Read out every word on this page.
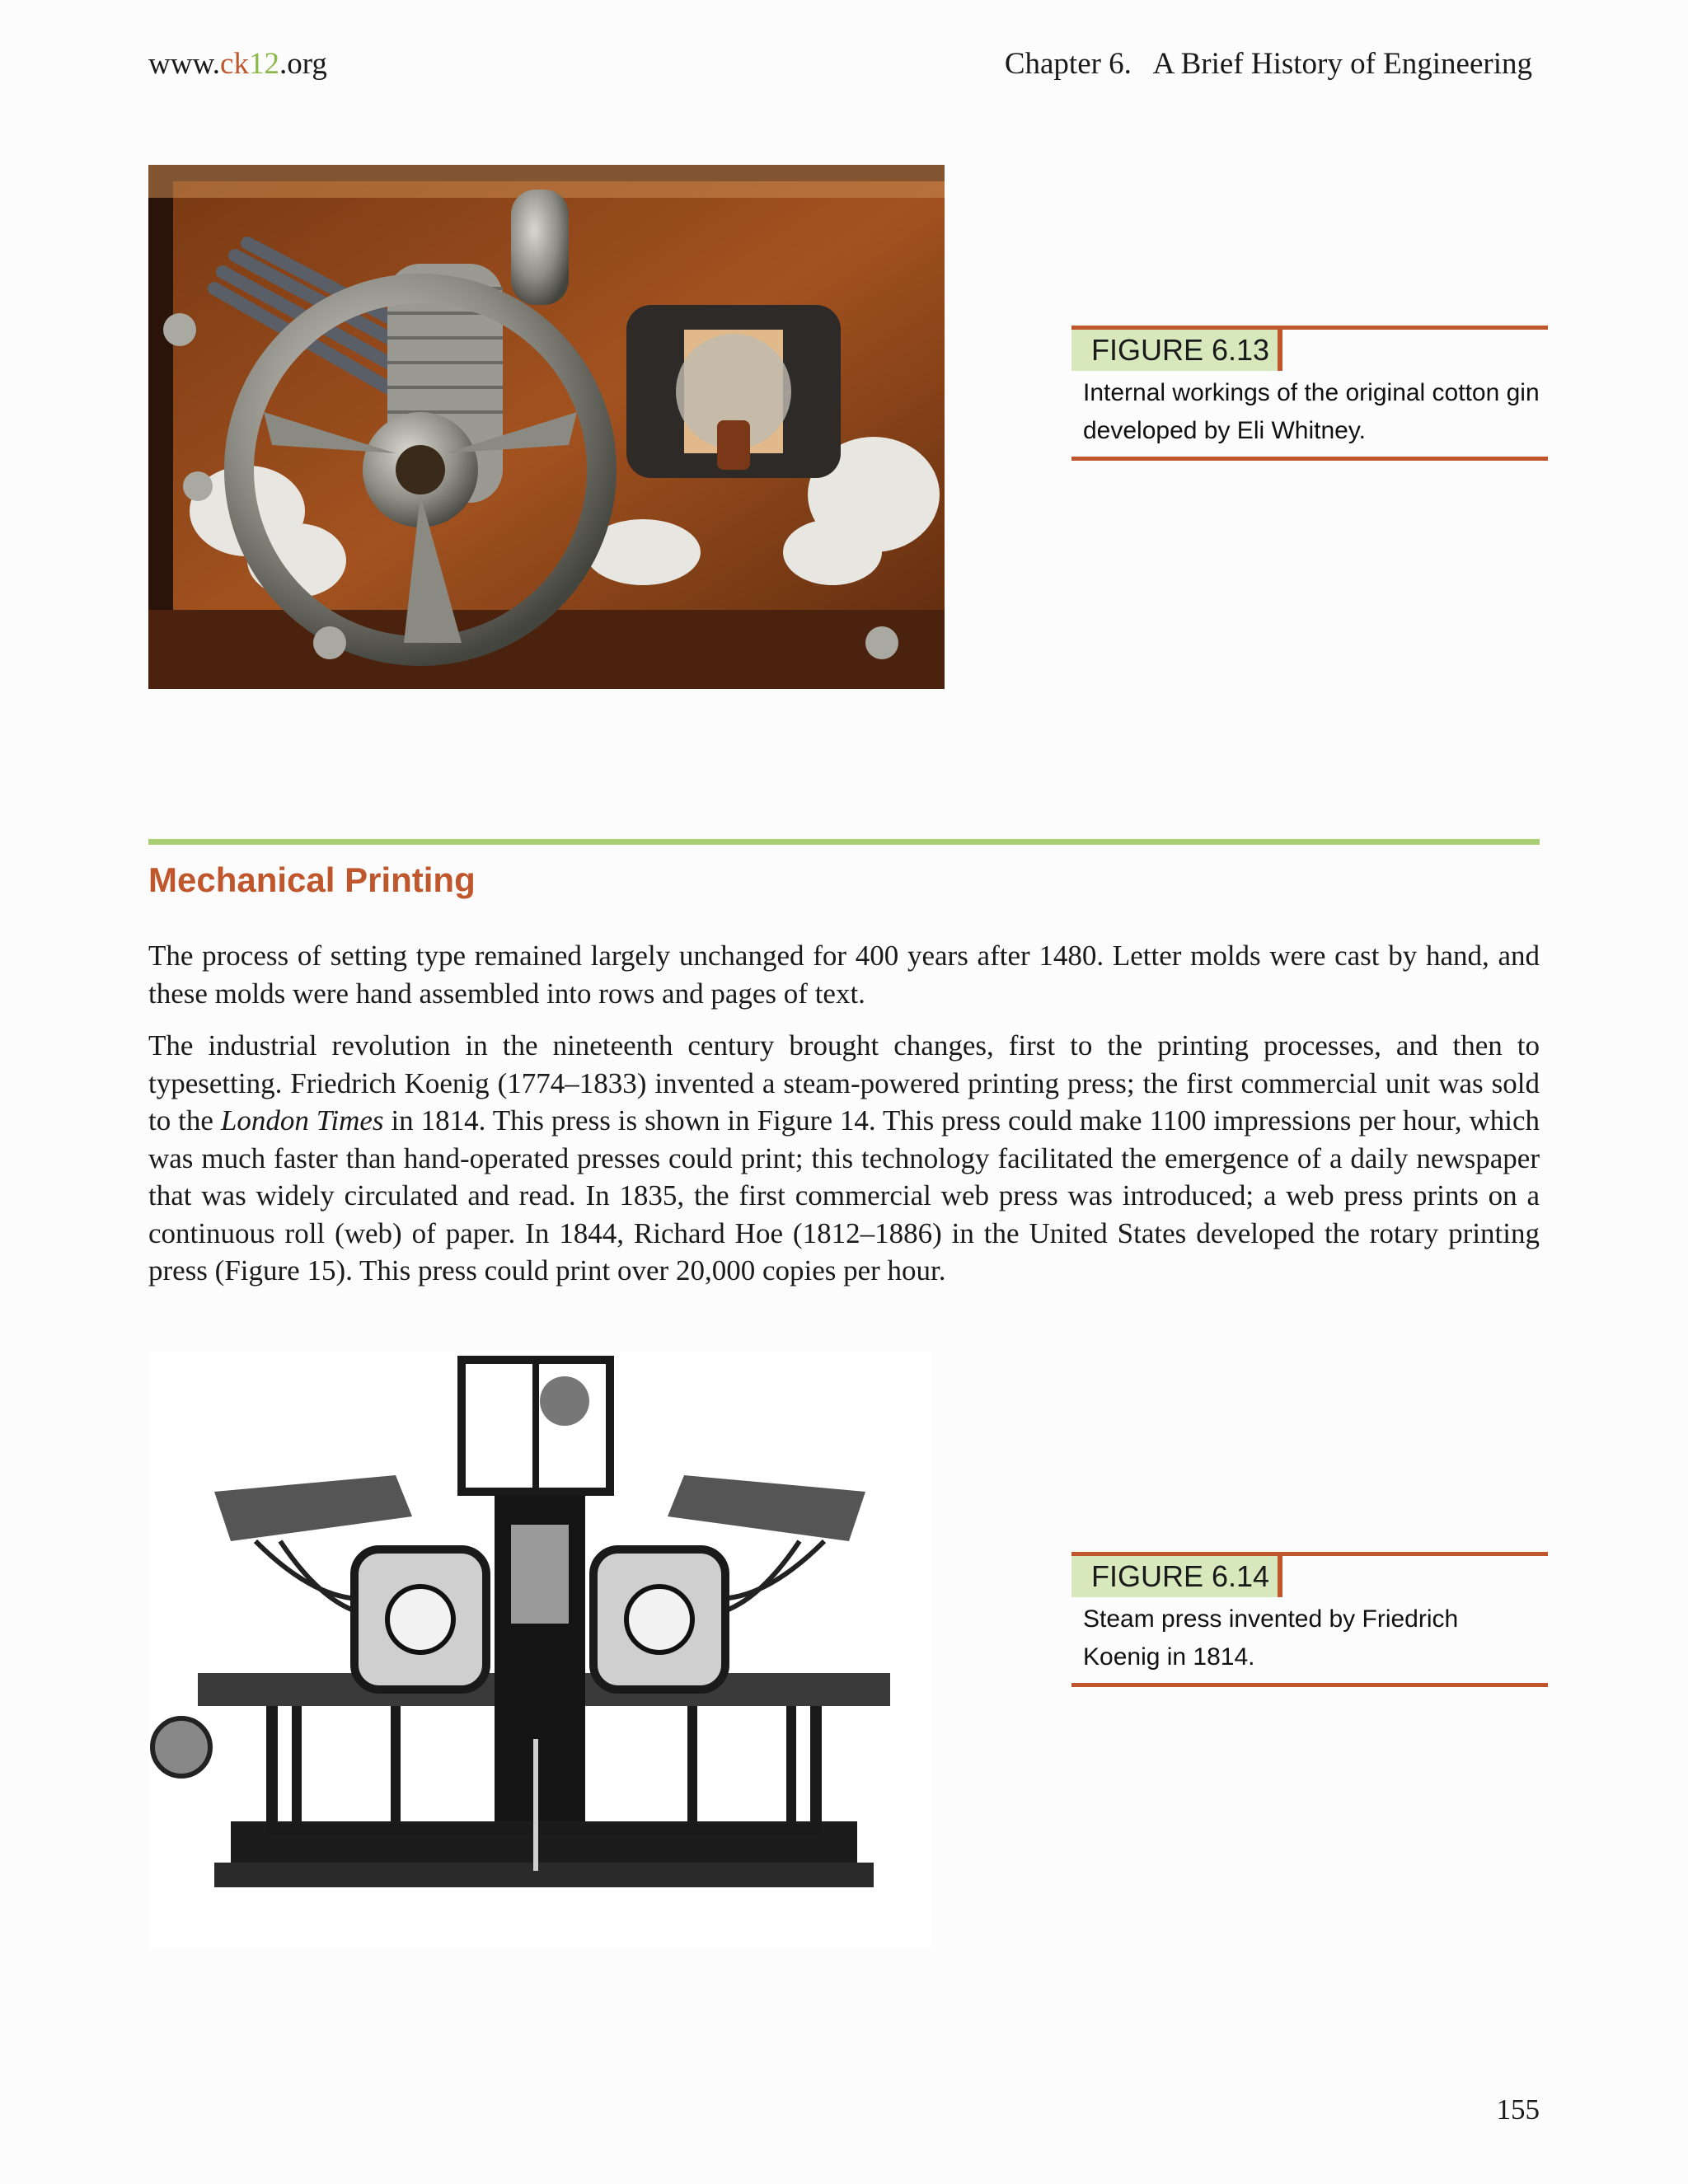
www.ck12.org	Chapter 6.   A Brief History of Engineering
FIGURE 6.13
Internal workings of the original cotton gin developed by Eli Whitney.
Mechanical Printing

The process of setting type remained largely unchanged for 400 years after 1480. Letter molds were cast by hand, and these molds were hand assembled into rows and pages of text.

The industrial revolution in the nineteenth century brought changes, first to the printing processes, and then to typesetting. Friedrich Koenig (1774–1833) invented a steam-powered printing press; the first commercial unit was sold to the London Times in 1814. This press is shown in Figure 14. This press could make 1100 impressions per hour, which was much faster than hand-operated presses could print; this technology facilitated the emergence of a daily newspaper that was widely circulated and read. In 1835, the first commercial web press was introduced; a web press prints on a continuous roll (web) of paper. In 1844, Richard Hoe (1812–1886) in the United States developed the rotary printing press (Figure 15). This press could print over 20,000 copies per hour.

FIGURE 6.14
Steam press invented by Friedrich Koenig in 1814.
155
